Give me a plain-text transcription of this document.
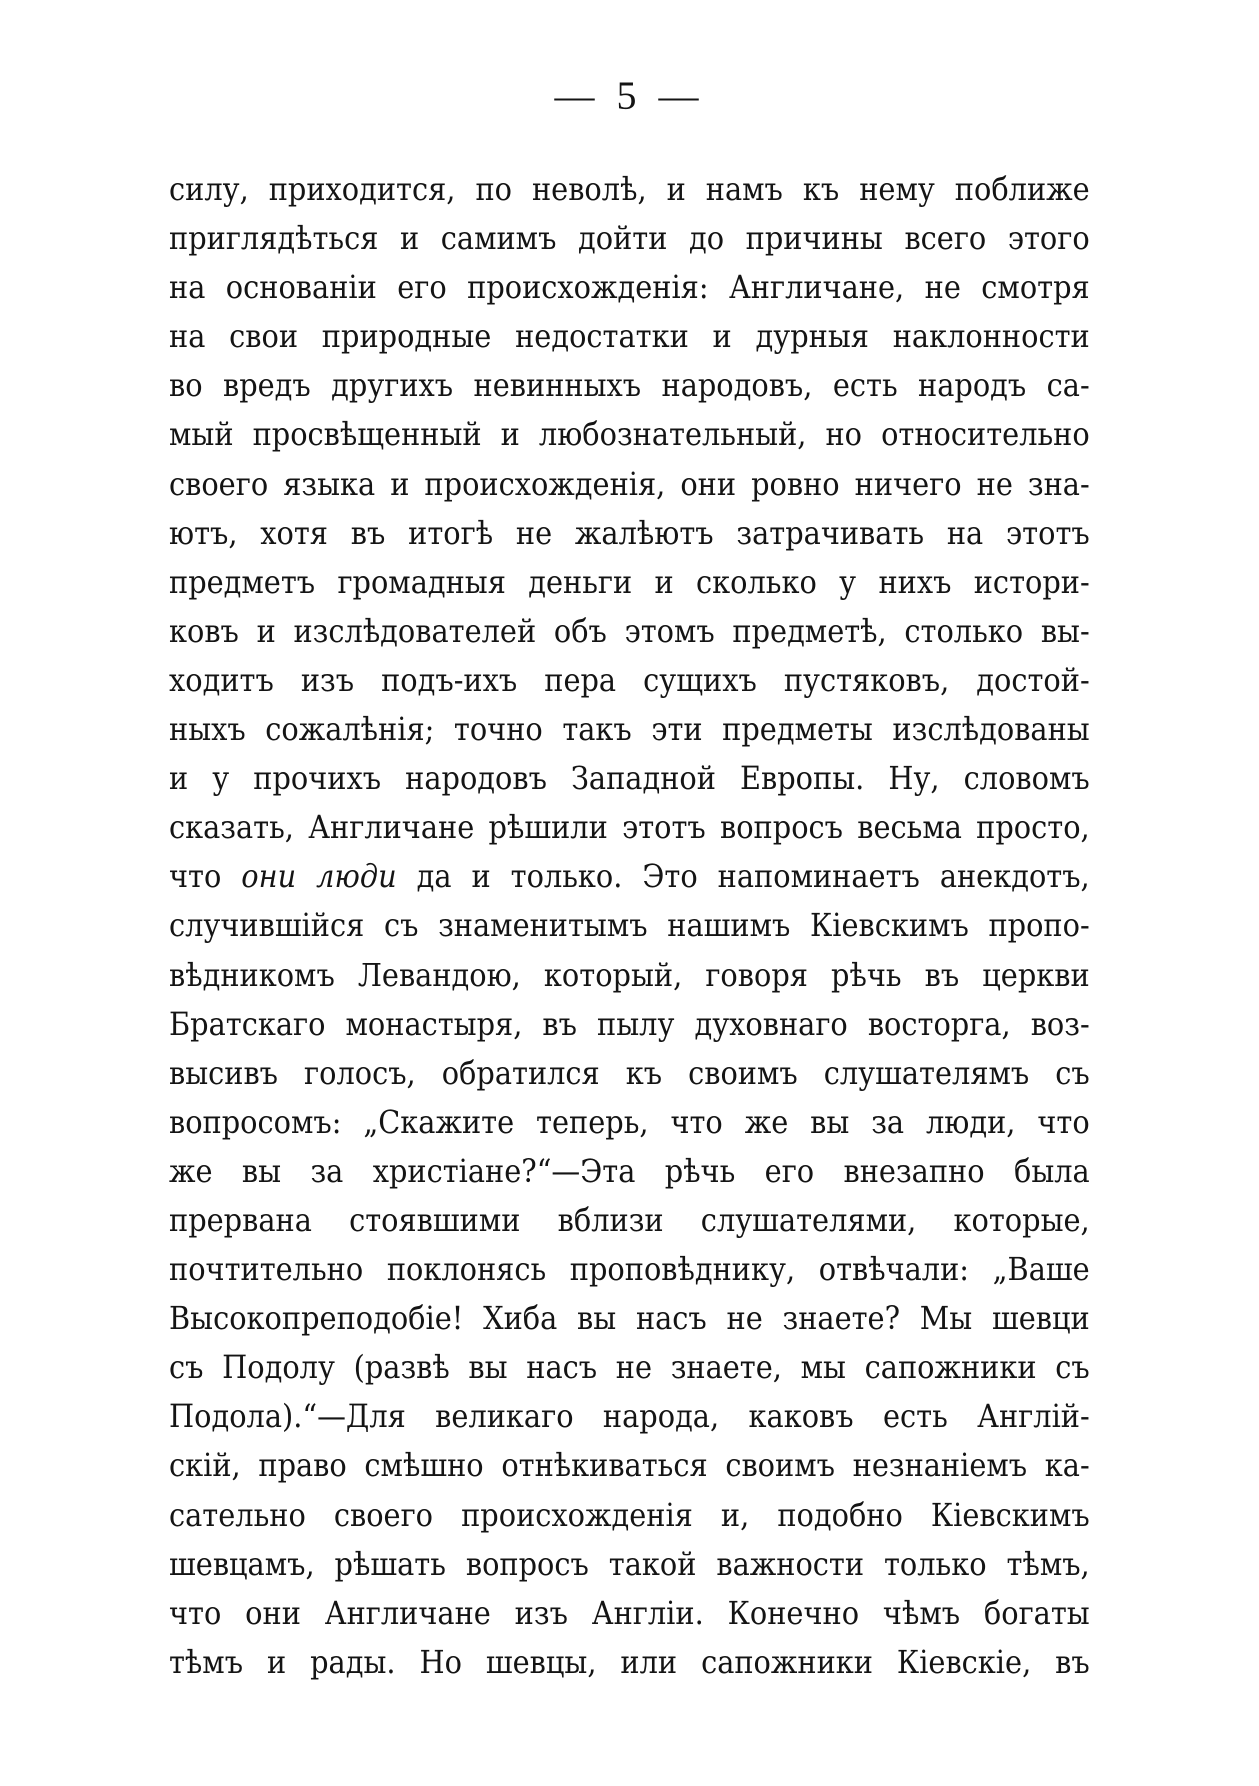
— 5 —
силу, приходится, по неволѣ, и намъ къ нему поближе
приглядѣться и самимъ дойти до причины всего этого
на основаніи его происхожденія: Англичане, не смотря
на свои природные недостатки и дурныя наклонности
во вредъ другихъ невинныхъ народовъ, есть народъ са-
мый просвѣщенный и любознательный, но относительно
своего языка и происхожденія, они ровно ничего не зна-
ютъ, хотя въ итогѣ не жалѣютъ затрачивать на этотъ
предметъ громадныя деньги и сколько у нихъ истори-
ковъ и изслѣдователей объ этомъ предметѣ, столько вы-
ходитъ изъ подъ-ихъ пера сущихъ пустяковъ, достой-
ныхъ сожалѣнія; точно такъ эти предметы изслѣдованы
и у прочихъ народовъ Западной Европы. Ну, словомъ
сказать, Англичане рѣшили этотъ вопросъ весьма просто,
что они люди да и только. Это напоминаетъ анекдотъ,
случившійся съ знаменитымъ нашимъ Кіевскимъ пропо-
вѣдникомъ Левандою, который, говоря рѣчь въ церкви
Братскаго монастыря, въ пылу духовнаго восторга, воз-
высивъ голосъ, обратился къ своимъ слушателямъ съ
вопросомъ: „Скажите теперь, что же вы за люди, что
же вы за христіане?“—Эта рѣчь его внезапно была
прервана стоявшими вблизи слушателями, которые,
почтительно поклонясь проповѣднику, отвѣчали: „Ваше
Высокопреподобіе! Хиба вы насъ не знаете? Мы шевци
съ Подолу (развѣ вы насъ не знаете, мы сапожники съ
Подола).“—Для великаго народа, каковъ есть Англій-
скій, право смѣшно отнѣкиваться своимъ незнаніемъ ка-
сательно своего происхожденія и, подобно Кіевскимъ
шевцамъ, рѣшать вопросъ такой важности только тѣмъ,
что они Англичане изъ Англіи. Конечно чѣмъ богаты
тѣмъ и рады. Но шевцы, или сапожники Кіевскіе, въ
